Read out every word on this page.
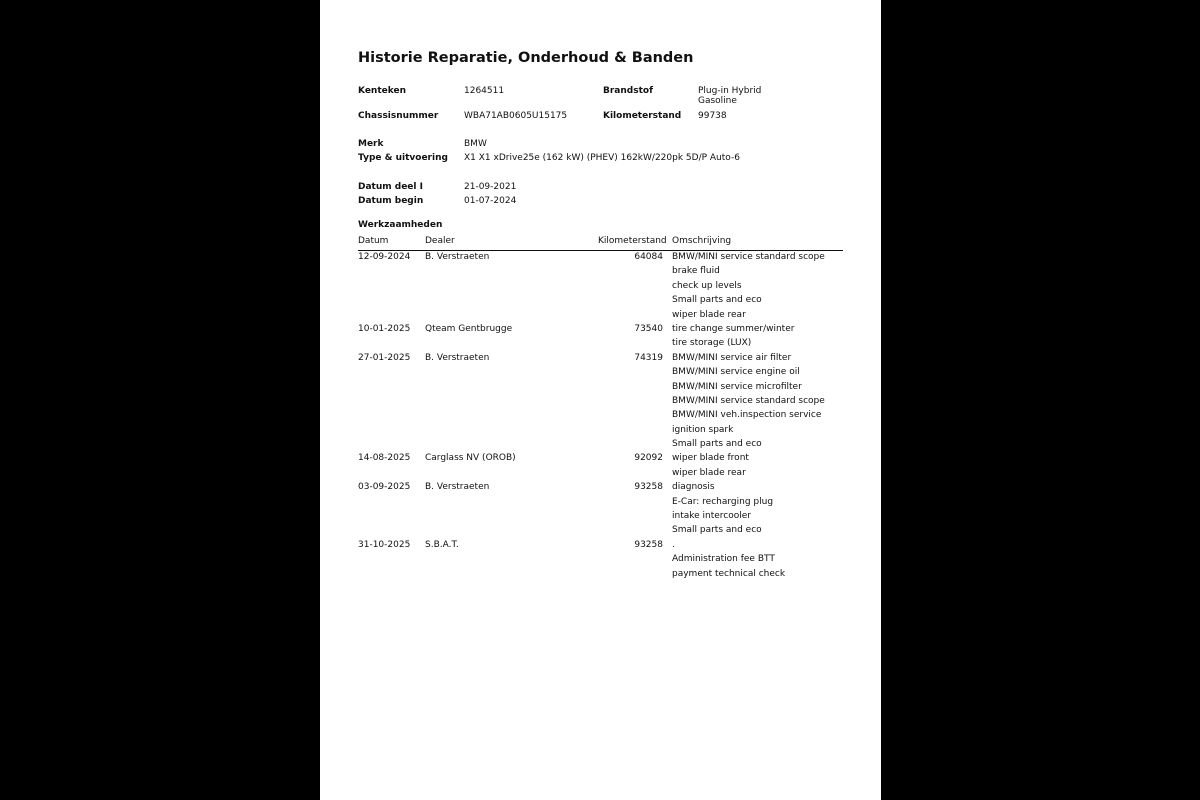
Historie Reparatie, Onderhoud & Banden
Kenteken	1264511	Brandstof	Plug-in Hybrid
Gasoline
Chassisnummer	WBA71AB0605U15175	Kilometerstand 99738
Merk	BMW
Type & uitvoering X1 X1 xDrive25e (162 kW) (PHEV) 162kW/220pk 5D/P Auto-6
Datum deel I	21-09-2021
Datum begin	01-07-2024
Werkzaamheden
Datum	Dealer	Kilometerstand Omschrijving
12-09-2024 B. Verstraeten	64084 BMW/MINI service standard scope
brake fluid
check up levels
Small parts and eco
wiper blade rear
10-01-2025 Qteam Gentbrugge	73540 tire change summer/winter
tire storage (LUX)
27-01-2025 B. Verstraeten	74319 BMW/MINI service air filter
BMW/MINI service engine oil
BMW/MINI service microfilter
BMW/MINI service standard scope
BMW/MINI veh.inspection service
ignition spark
Small parts and eco
14-08-2025 Carglass NV (OROB)	92092 wiper blade front
wiper blade rear
03-09-2025 B. Verstraeten	93258 diagnosis
E-Car: recharging plug
intake intercooler
Small parts and eco
31-10-2025 S.B.A.T.	93258 .
Administration fee BTT
payment technical check
